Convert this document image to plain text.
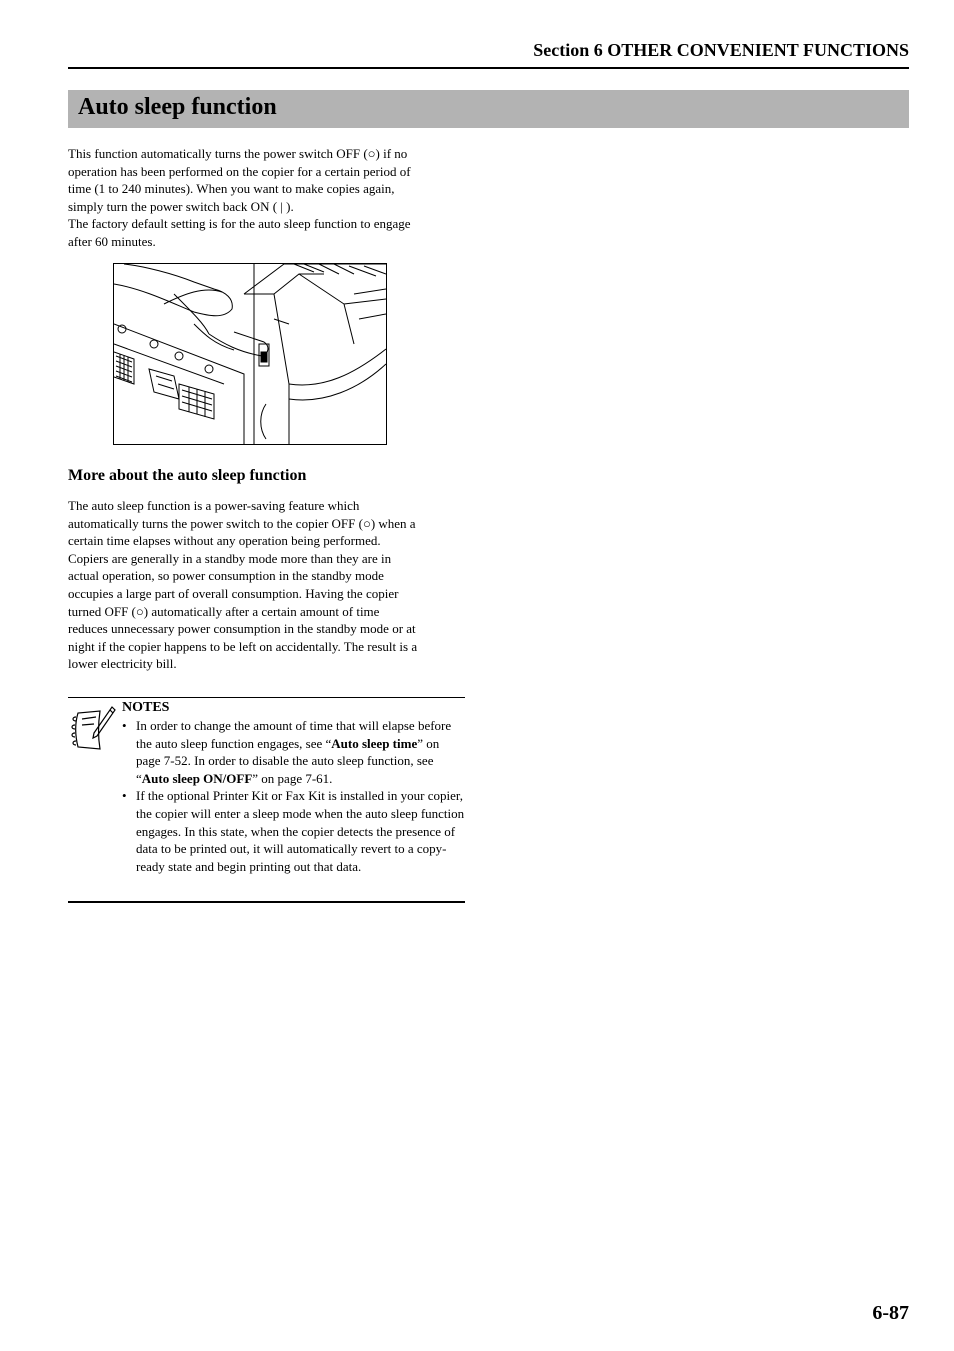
Section 6 OTHER CONVENIENT FUNCTIONS
Auto sleep function

This function automatically turns the power switch OFF (○) if no
operation has been performed on the copier for a certain period of
time (1 to 240 minutes). When you want to make copies again,
simply turn the power switch back ON ( | ).
The factory default setting is for the auto sleep function to engage
after 60 minutes.

More about the auto sleep function

The auto sleep function is a power-saving feature which
automatically turns the power switch to the copier OFF (○) when a
certain time elapses without any operation being performed.
Copiers are generally in a standby mode more than they are in
actual operation, so power consumption in the standby mode
occupies a large part of overall consumption. Having the copier
turned OFF (○) automatically after a certain amount of time
reduces unnecessary power consumption in the standby mode or at
night if the copier happens to be left on accidentally. The result is a
lower electricity bill.

NOTES
• In order to change the amount of time that will elapse before the auto sleep function engages, see “Auto sleep time” on page 7-52. In order to disable the auto sleep function, see “Auto sleep ON/OFF” on page 7-61.
• If the optional Printer Kit or Fax Kit is installed in your copier, the copier will enter a sleep mode when the auto sleep function engages. In this state, when the copier detects the presence of data to be printed out, it will automatically revert to a copy-ready state and begin printing out that data.
6-87
